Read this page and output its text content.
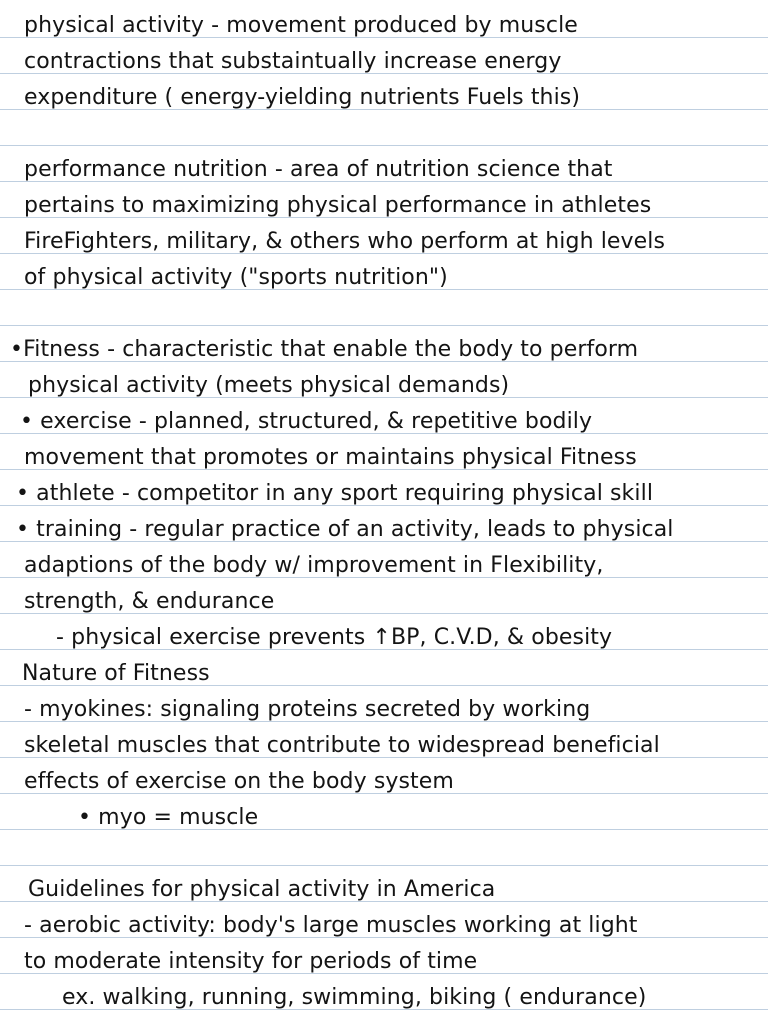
physical activity - movement produced by muscle
contractions that substaintually increase energy
expenditure ( energy-yielding nutrients Fuels this)
performance nutrition - area of nutrition science that
pertains to maximizing physical performance in athletes
FireFighters, military, & others who perform at high levels
of physical activity ("sports nutrition")
•Fitness - characteristic that enable the body to perform
physical activity (meets physical demands)
• exercise - planned, structured, & repetitive bodily
movement that promotes or maintains physical Fitness
• athlete - competitor in any sport requiring physical skill
• training - regular practice of an activity, leads to physical
adaptions of the body w/ improvement in Flexibility,
strength, & endurance
- physical exercise prevents ↑BP, C.V.D, & obesity
Nature of Fitness
- myokines: signaling proteins secreted by working
skeletal muscles that contribute to widespread beneficial
effects of exercise on the body system
• myo = muscle
Guidelines for physical activity in America
- aerobic activity: body's large muscles working at light
to moderate intensity for periods of time
ex. walking, running, swimming, biking ( endurance)
